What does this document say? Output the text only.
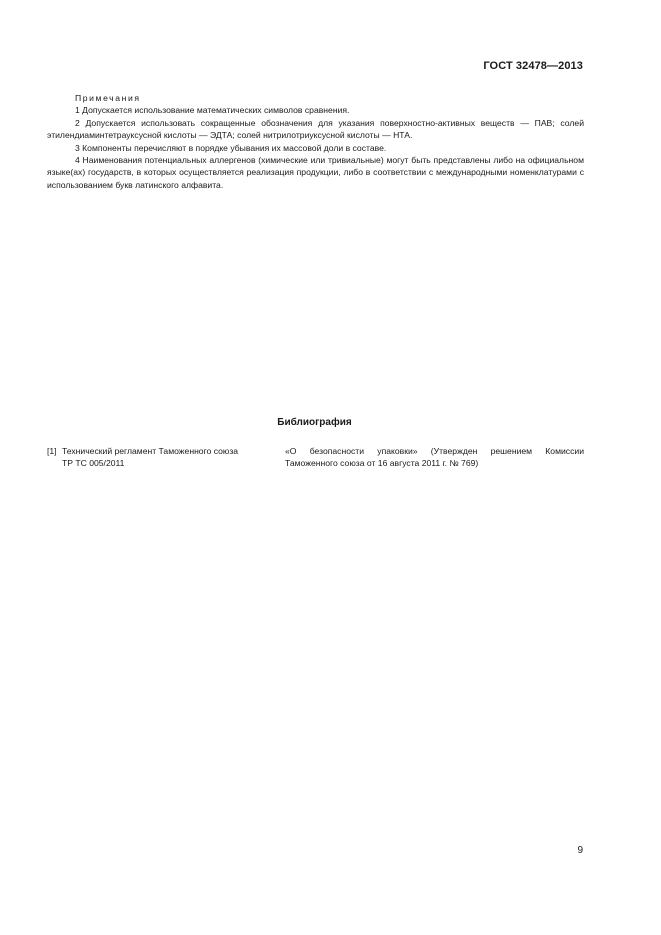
ГОСТ 32478—2013
Примечания

1 Допускается использование математических символов сравнения.

2 Допускается использовать сокращенные обозначения для указания поверхностно-активных веществ — ПАВ; солей этилендиаминтетрауксусной кислоты — ЭДТА; солей нитрилотриуксусной кислоты — НТА.

3 Компоненты перечисляют в порядке убывания их массовой доли в составе.

4 Наименования потенциальных аллергенов (химические или тривиальные) могут быть представлены либо на официальном языке(ах) государств, в которых осуществляется реализация продукции, либо в соответствии с международными номенклатурами с использованием букв латинского алфавита.

Библиография
[1] Технический регламент Таможенного союза
ТР ТС 005/2011
«О безопасности упаковки» (Утвержден решением Комиссии Таможенного союза от 16 августа 2011 г. № 769)
9
